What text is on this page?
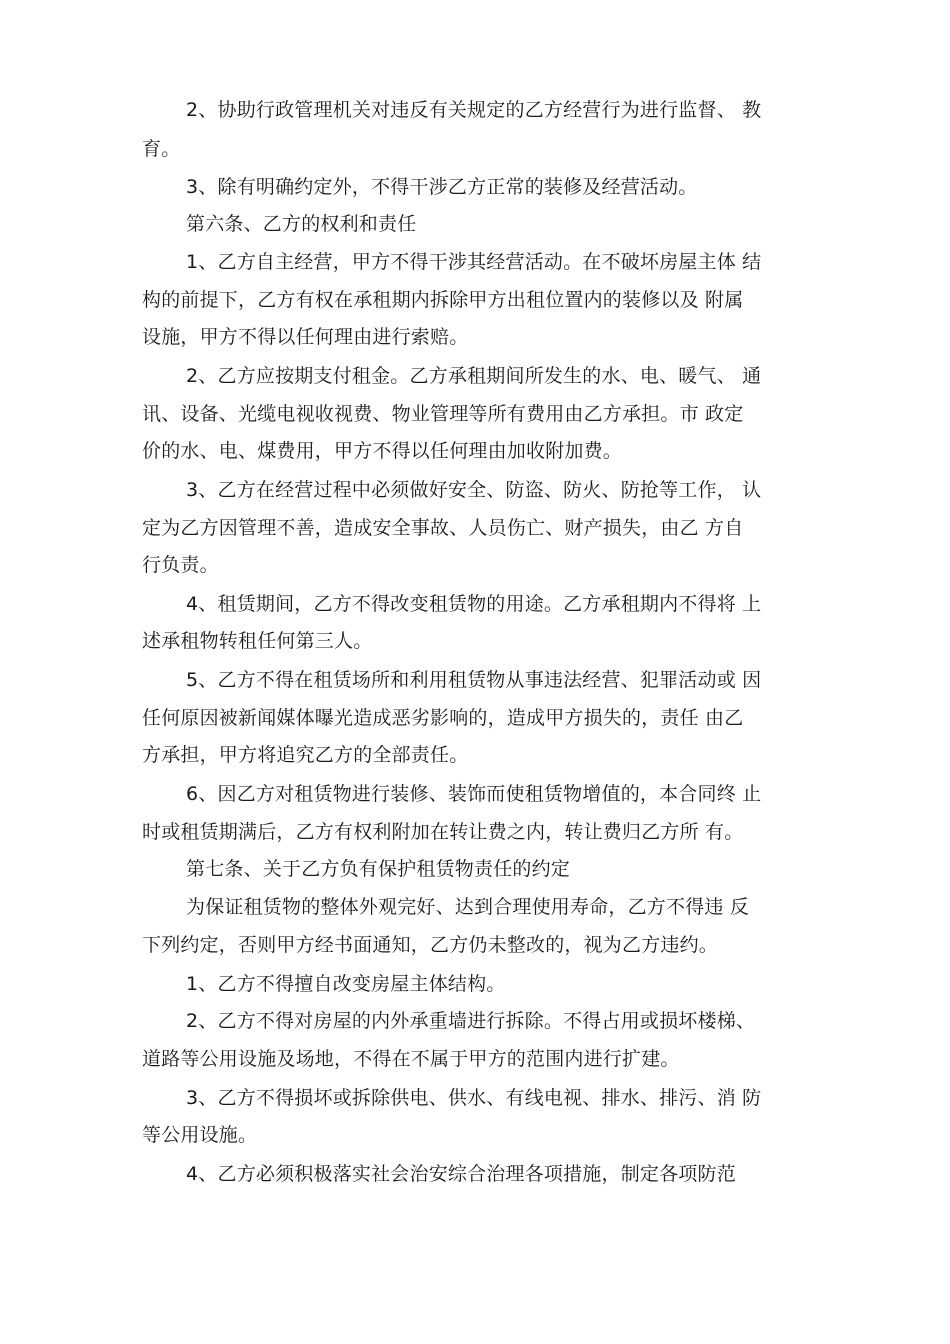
2、协助行政管理机关对违反有关规定的乙方经营行为进行监督、 教
育。
3、除有明确约定外，不得干涉乙方正常的装修及经营活动。
第六条、乙方的权利和责任
1、乙方自主经营，甲方不得干涉其经营活动。在不破坏房屋主体 结
构的前提下，乙方有权在承租期内拆除甲方出租位置内的装修以及 附属
设施，甲方不得以任何理由进行索赔。
2、乙方应按期支付租金。乙方承租期间所发生的水、电、暖气、 通
讯、设备、光缆电视收视费、物业管理等所有费用由乙方承担。市 政定
价的水、电、煤费用，甲方不得以任何理由加收附加费。
3、乙方在经营过程中必须做好安全、防盗、防火、防抢等工作， 认
定为乙方因管理不善，造成安全事故、人员伤亡、财产损失，由乙 方自
行负责。
4、租赁期间，乙方不得改变租赁物的用途。乙方承租期内不得将 上
述承租物转租任何第三人。
5、乙方不得在租赁场所和利用租赁物从事违法经营、犯罪活动或 因
任何原因被新闻媒体曝光造成恶劣影响的，造成甲方损失的，责任 由乙
方承担，甲方将追究乙方的全部责任。
6、因乙方对租赁物进行装修、装饰而使租赁物增值的，本合同终 止
时或租赁期满后，乙方有权利附加在转让费之内，转让费归乙方所 有。
第七条、关于乙方负有保护租赁物责任的约定
为保证租赁物的整体外观完好、达到合理使用寿命，乙方不得违 反
下列约定，否则甲方经书面通知，乙方仍未整改的，视为乙方违约。
1、乙方不得擅自改变房屋主体结构。
2、乙方不得对房屋的内外承重墙进行拆除。不得占用或损坏楼梯、
道路等公用设施及场地，不得在不属于甲方的范围内进行扩建。
3、乙方不得损坏或拆除供电、供水、有线电视、排水、排污、消 防
等公用设施。
4、乙方必须积极落实社会治安综合治理各项措施，制定各项防范
